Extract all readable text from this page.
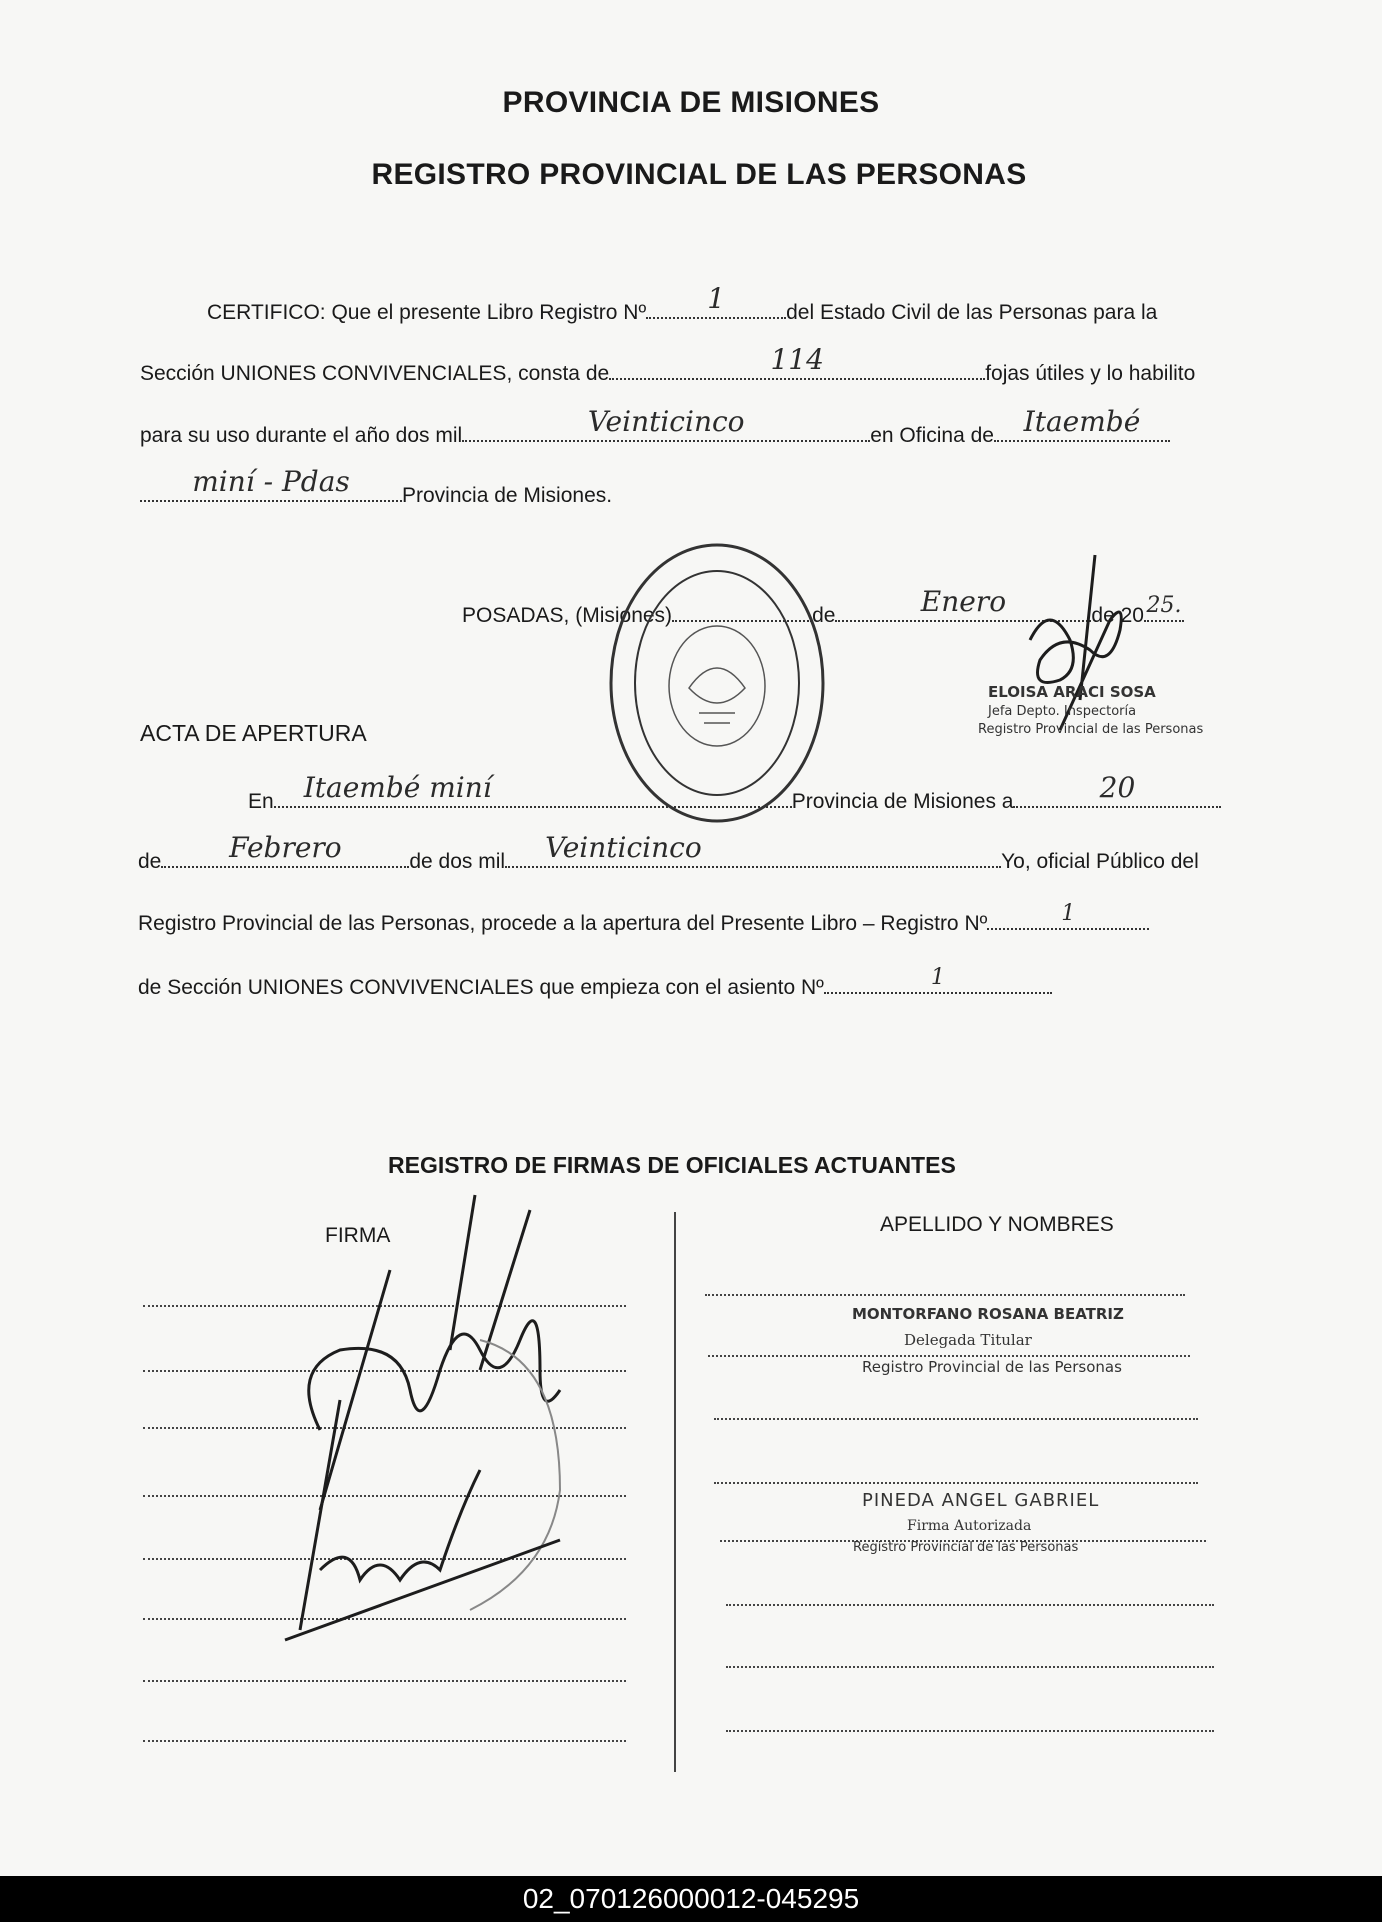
PROVINCIA DE MISIONES
REGISTRO PROVINCIAL DE LAS PERSONAS
CERTIFICO: Que el presente Libro Registro Nº	1	del Estado Civil de las Personas para la
Sección UNIONES CONVIVENCIALES, consta de	114	fojas útiles y lo habilito
para su uso durante el año dos mil	Veinticinco	en Oficina de	Itaembé
miní - Pdas	Provincia de Misiones.
POSADAS, (Misiones)	de	Enero	de 20 25.
ELOISA ARACI SOSA
Jefa Depto. Inspectoría
Registro Provincial de las Personas
ACTA DE APERTURA
En	Itaembé miní	Provincia de Misiones a	20
de	Febrero	de dos mil	Veinticinco	Yo, oficial Público del
Registro Provincial de las Personas, procede a la apertura del Presente Libro – Registro Nº	1
de Sección UNIONES CONVIVENCIALES que empieza con el asiento Nº	1
REGISTRO DE FIRMAS DE OFICIALES ACTUANTES
FIRMA	APELLIDO Y NOMBRES
MONTORFANO ROSANA BEATRIZ
Delegada Titular
Registro Provincial de las Personas
PINEDA ANGEL GABRIEL
Firma Autorizada
Registro Provincial de las Personas
02_070126000012-045295
